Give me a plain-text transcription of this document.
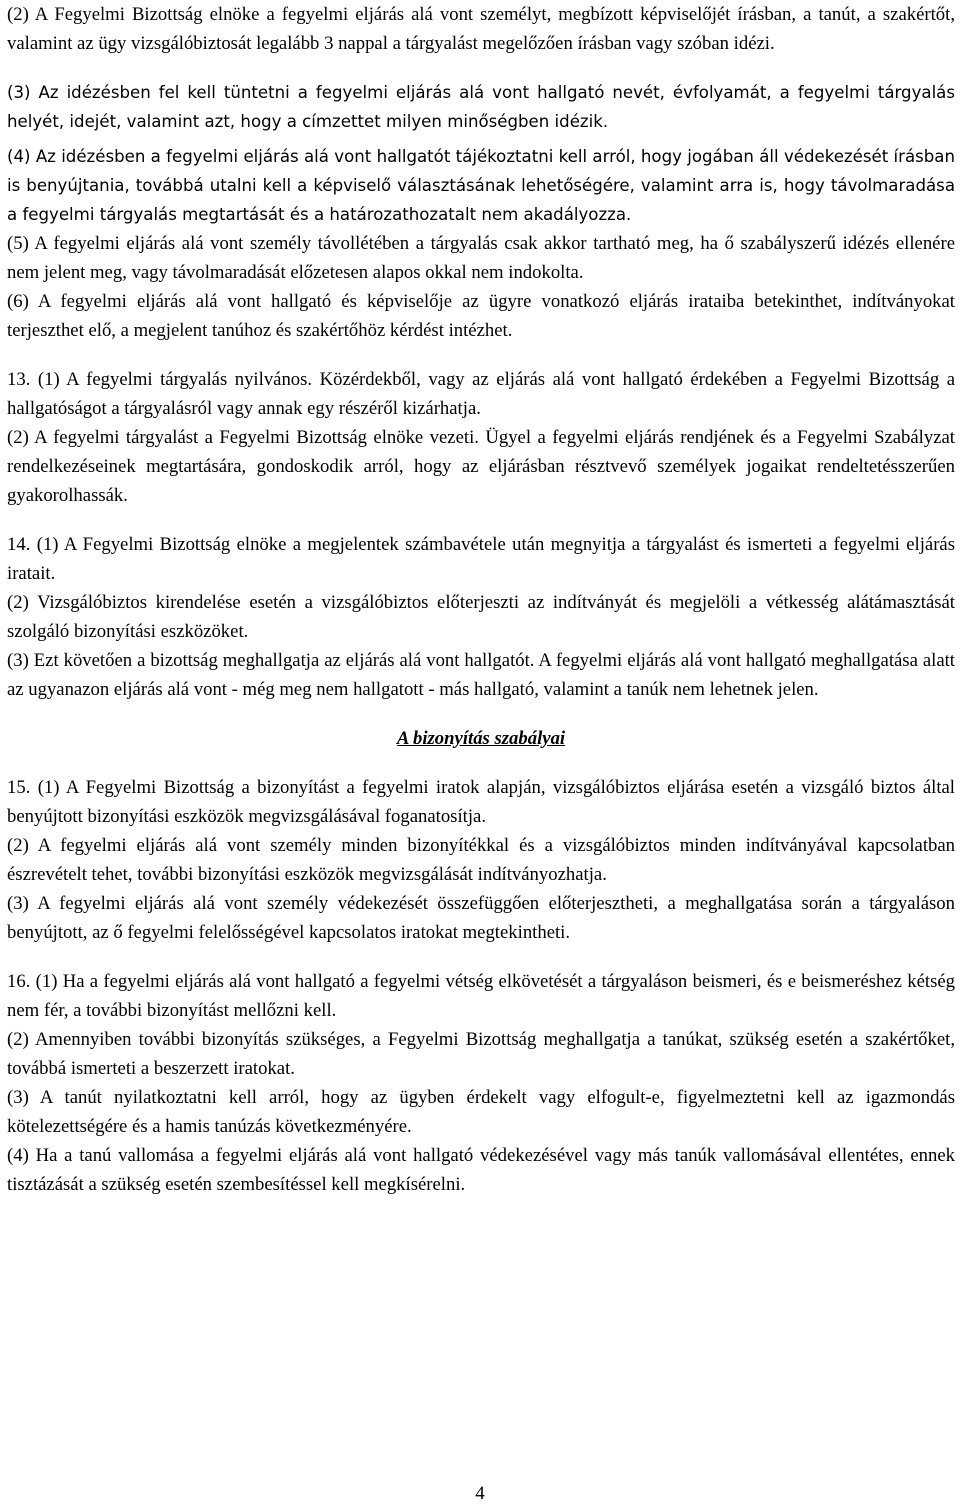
(2) A Fegyelmi Bizottság elnöke a fegyelmi eljárás alá vont személyt, megbízott képviselőjét írásban, a tanút, a szakértőt, valamint az ügy vizsgálóbiztosát legalább 3 nappal a tárgyalást megelőzően írásban vagy szóban idézi.

(3) Az idézésben fel kell tüntetni a fegyelmi eljárás alá vont hallgató nevét, évfolyamát, a fegyelmi tárgyalás helyét, idejét, valamint azt, hogy a címzettet milyen minőségben idézik.

(4) Az idézésben a fegyelmi eljárás alá vont hallgatót tájékoztatni kell arról, hogy jogában áll védekezését írásban is benyújtania, továbbá utalni kell a képviselő választásának lehetőségére, valamint arra is, hogy távolmaradása a fegyelmi tárgyalás megtartását és a határozathozatalt nem akadályozza.

(5) A fegyelmi eljárás alá vont személy távollétében a tárgyalás csak akkor tartható meg, ha ő szabályszerű idézés ellenére nem jelent meg, vagy távolmaradását előzetesen alapos okkal nem indokolta.

(6) A fegyelmi eljárás alá vont hallgató és képviselője az ügyre vonatkozó eljárás irataiba betekinthet, indítványokat terjeszthet elő, a megjelent tanúhoz és szakértőhöz kérdést intézhet.

13. (1) A fegyelmi tárgyalás nyilvános. Közérdekből, vagy az eljárás alá vont hallgató érdekében a Fegyelmi Bizottság a hallgatóságot a tárgyalásról vagy annak egy részéről kizárhatja.

(2) A fegyelmi tárgyalást a Fegyelmi Bizottság elnöke vezeti. Ügyel a fegyelmi eljárás rendjének és a Fegyelmi Szabályzat rendelkezéseinek megtartására, gondoskodik arról, hogy az eljárásban résztvevő személyek jogaikat rendeltetésszerűen gyakorolhassák.

14. (1) A Fegyelmi Bizottság elnöke a megjelentek számbavétele után megnyitja a tárgyalást és ismerteti a fegyelmi eljárás iratait.

(2) Vizsgálóbiztos kirendelése esetén a vizsgálóbiztos előterjeszti az indítványát és megjelöli a vétkesség alátámasztását szolgáló bizonyítási eszközöket.

(3) Ezt követően a bizottság meghallgatja az eljárás alá vont hallgatót. A fegyelmi eljárás alá vont hallgató meghallgatása alatt az ugyanazon eljárás alá vont - még meg nem hallgatott - más hallgató, valamint a tanúk nem lehetnek jelen.

A bizonyítás szabályai

15. (1) A Fegyelmi Bizottság a bizonyítást a fegyelmi iratok alapján, vizsgálóbiztos eljárása esetén a vizsgáló biztos által benyújtott bizonyítási eszközök megvizsgálásával foganatosítja.

(2) A fegyelmi eljárás alá vont személy minden bizonyítékkal és a vizsgálóbiztos minden indítványával kapcsolatban észrevételt tehet, további bizonyítási eszközök megvizsgálását indítványozhatja.

(3) A fegyelmi eljárás alá vont személy védekezését összefüggően előterjesztheti, a meghallgatása során a tárgyaláson benyújtott, az ő fegyelmi felelősségével kapcsolatos iratokat megtekintheti.

16. (1) Ha a fegyelmi eljárás alá vont hallgató a fegyelmi vétség elkövetését a tárgyaláson beismeri, és e beismeréshez kétség nem fér, a további bizonyítást mellőzni kell.

(2) Amennyiben további bizonyítás szükséges, a Fegyelmi Bizottság meghallgatja a tanúkat, szükség esetén a szakértőket, továbbá ismerteti a beszerzett iratokat.

(3) A tanút nyilatkoztatni kell arról, hogy az ügyben érdekelt vagy elfogult-e, figyelmeztetni kell az igazmondás kötelezettségére és a hamis tanúzás következményére.

(4) Ha a tanú vallomása a fegyelmi eljárás alá vont hallgató védekezésével vagy más tanúk vallomásával ellentétes, ennek tisztázását a szükség esetén szembesítéssel kell megkísérelni.

4
